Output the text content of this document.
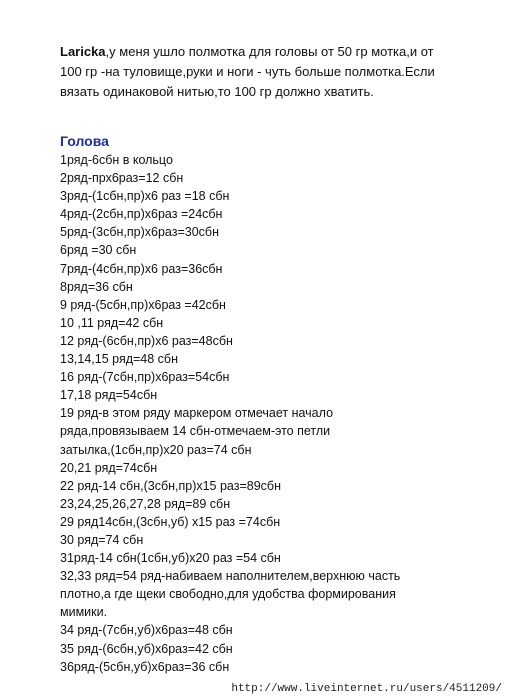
Laricka,у меня ушло полмотка для головы от 50 гр мотка,и от
100 гр -на туловище,руки и ноги - чуть больше полмотка.Если
вязать одинаковой нитью,то 100 гр должно хватить.
Голова
1ряд-6сбн в кольцо
2ряд-прх6раз=12 сбн
3ряд-(1сбн,пр)х6 раз =18 сбн
4ряд-(2сбн,пр)х6раз =24сбн
5ряд-(3сбн,пр)х6раз=30сбн
6ряд =30 сбн
7ряд-(4сбн,пр)х6 раз=36сбн
8ряд=36 сбн
9 ряд-(5сбн,пр)х6раз =42сбн
10 ,11 ряд=42 сбн
12 ряд-(6сбн,пр)х6 раз=48сбн
13,14,15 ряд=48 сбн
16 ряд-(7сбн,пр)х6раз=54сбн
17,18 ряд=54сбн
19 ряд-в этом ряду маркером отмечает начало
ряда,провязываем 14 сбн-отмечаем-это петли
затылка,(1сбн,пр)х20 раз=74 сбн
20,21 ряд=74сбн
22 ряд-14 сбн,(3сбн,пр)х15 раз=89сбн
23,24,25,26,27,28 ряд=89 сбн
29 ряд14сбн,(3сбн,уб) х15 раз =74сбн
30 ряд=74 сбн
31ряд-14 сбн(1сбн,уб)х20 раз =54 сбн
32,33 ряд=54 ряд-набиваем наполнителем,верхнюю часть
плотно,а где щеки свободно,для удобства формирования
мимики.
34 ряд-(7сбн,уб)х6раз=48 сбн
35 ряд-(6сбн,уб)х6раз=42 сбн
36ряд-(5сбн,уб)х6раз=36 сбн
http://www.liveinternet.ru/users/4511209/
